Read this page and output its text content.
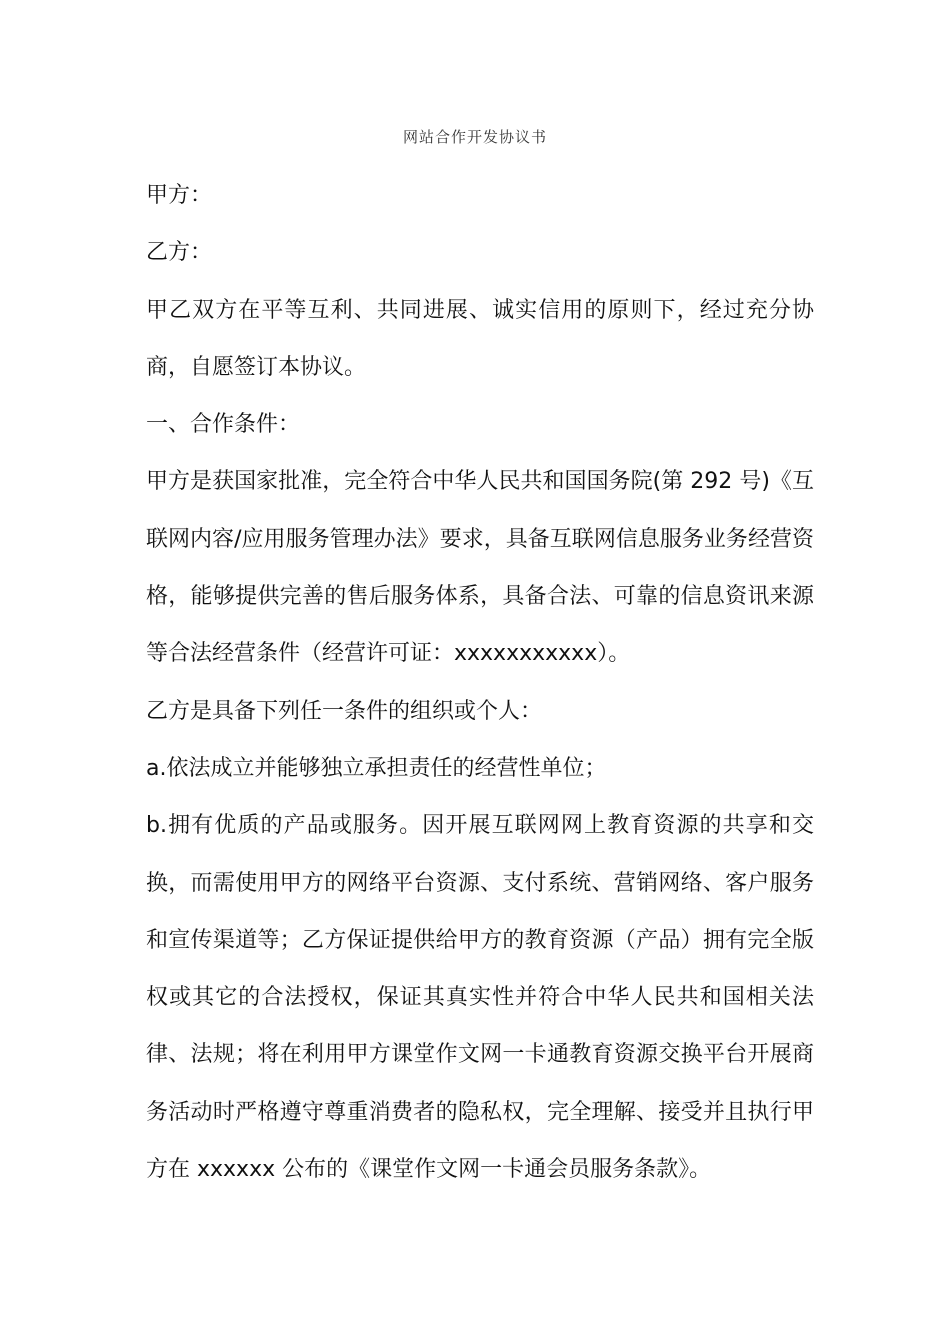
网站合作开发协议书

甲方：

乙方：

甲乙双方在平等互利、共同进展、诚实信用的原则下，经过充分协商，自愿签订本协议。

一、合作条件：

甲方是获国家批准，完全符合中华人民共和国国务院(第 292 号)《互联网内容/应用服务管理办法》要求，具备互联网信息服务业务经营资格，能够提供完善的售后服务体系，具备合法、可靠的信息资讯来源等合法经营条件（经营许可证：xxxxxxxxxxx）。

乙方是具备下列任一条件的组织或个人：

a.依法成立并能够独立承担责任的经营性单位；

b.拥有优质的产品或服务。因开展互联网网上教育资源的共享和交换，而需使用甲方的网络平台资源、支付系统、营销网络、客户服务和宣传渠道等；乙方保证提供给甲方的教育资源（产品）拥有完全版权或其它的合法授权，保证其真实性并符合中华人民共和国相关法律、法规；将在利用甲方课堂作文网一卡通教育资源交换平台开展商务活动时严格遵守尊重消费者的隐私权，完全理解、接受并且执行甲方在 xxxxxx 公布的《课堂作文网一卡通会员服务条款》。
